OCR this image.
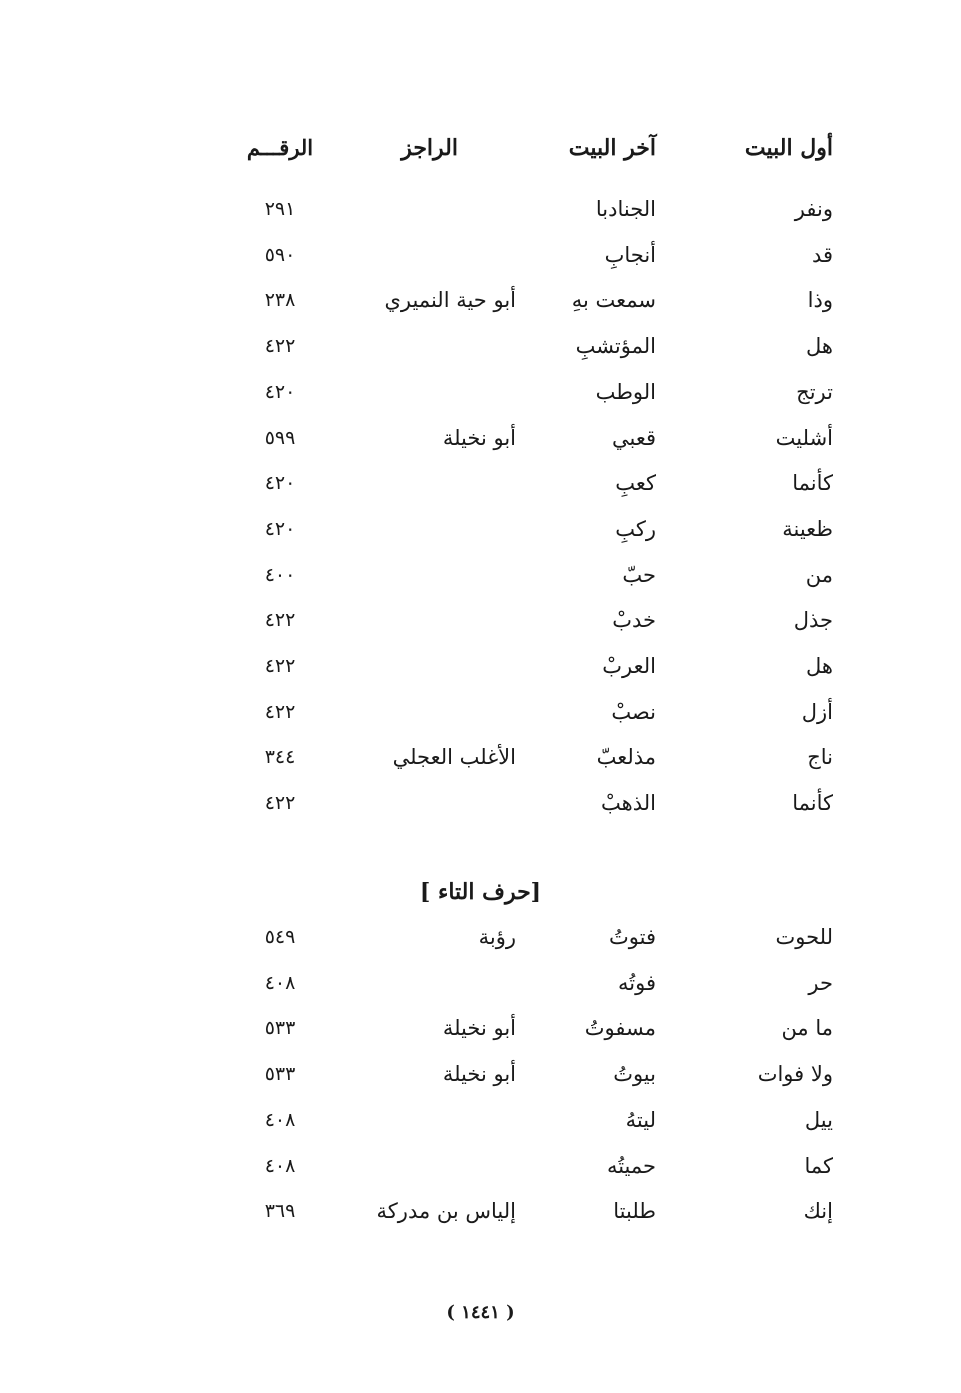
أول البيت
آخر البيت
الراجز
الرقـــم
ونفر
الجنادبا
٢٩١
قد
أنجابِ
٥٩٠
وذا
سمعت بهِ
أبو حية النميري
٢٣٨
هل
المؤتشبِ
٤٢٢
ترتج
الوطب
٤٢٠
أشليت
قعبي
أبو نخيلة
٥٩٩
كأنما
كعبِ
٤٢٠
ظعينة
ركبِ
٤٢٠
من
حبّ
٤٠٠
جذل
خدبْ
٤٢٢
هل
العربْ
٤٢٢
أزل
نصبْ
٤٢٢
ناج
مذلعبّ
الأغلب العجلي
٣٤٤
كأنما
الذهبْ
٤٢٢
[حرف التاء ]
للحوت
فتوتُ
رؤبة
٥٤٩
حر
فوتُه
٤٠٨
ما من
مسفوتُ
أبو نخيلة
٥٣٣
ولا فوات
بيوتُ
أبو نخيلة
٥٣٣
ييل
ليتهُ
٤٠٨
كما
حميتُه
٤٠٨
إنك
طلبتا
إلياس بن مدركة
٣٦٩
( ١٤٤١ )
